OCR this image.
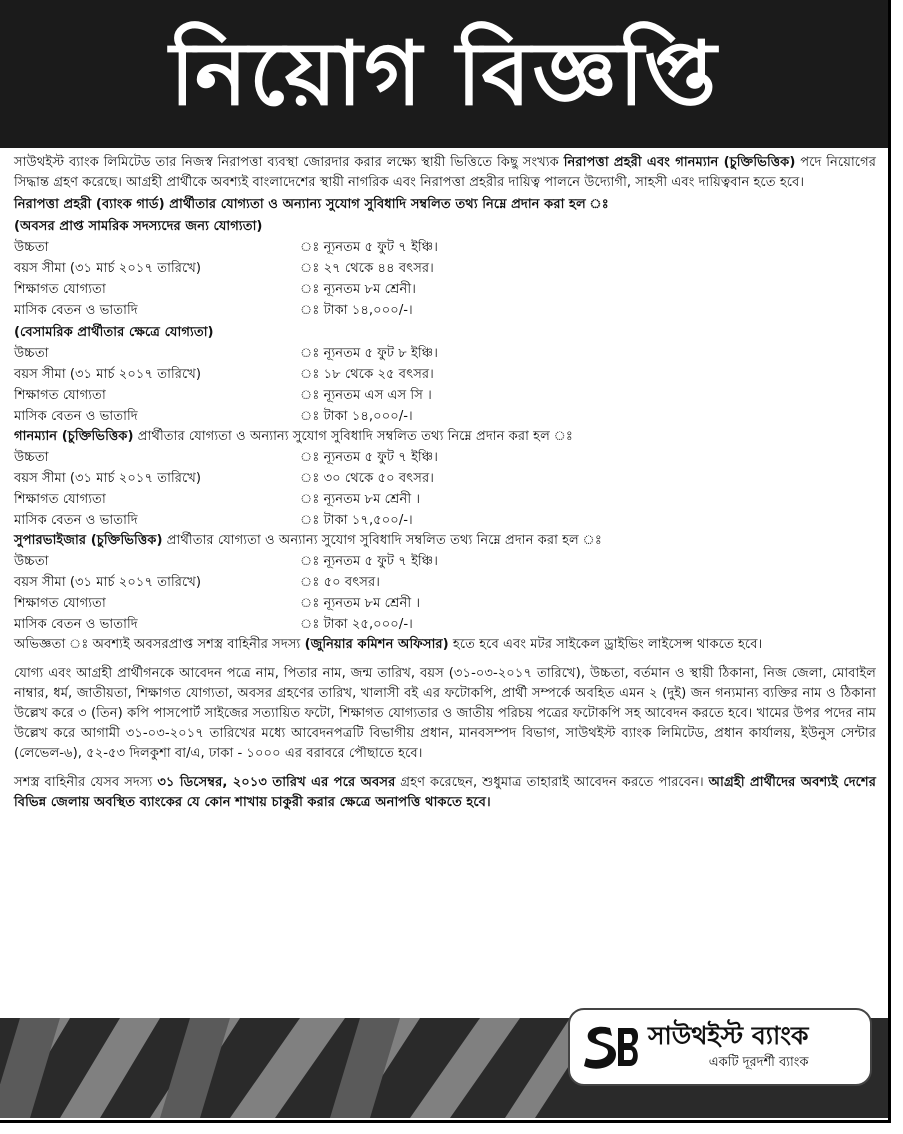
নিয়োগ বিজ্ঞপ্তি

সাউথইস্ট ব্যাংক লিমিটেড তার নিজস্ব নিরাপত্তা ব্যবস্থা জোরদার করার লক্ষ্যে স্থায়ী ভিত্তিতে কিছু সংখ্যক নিরাপত্তা প্রহরী এবং গানম্যান (চুক্তিভিত্তিক) পদে নিয়োগের সিদ্ধান্ত গ্রহণ করেছে। আগ্রহী প্রার্থীকে অবশ্যই বাংলাদেশের স্থায়ী নাগরিক এবং নিরাপত্তা প্রহরীর দায়িত্ব পালনে উদ্যোগী, সাহসী এবং দায়িত্ববান হতে হবে।

নিরাপত্তা প্রহরী (ব্যাংক গার্ড) প্রার্থীতার যোগ্যতা ও অন্যান্য সুযোগ সুবিধাদি সম্বলিত তথ্য নিম্নে প্রদান করা হল ঃ

(অবসর প্রাপ্ত সামরিক সদস্যদের জন্য যোগ্যতা)
উচ্চতা	ঃ ন্যূনতম ৫ ফুট ৭ ইঞ্চি।
বয়স সীমা (৩১ মার্চ ২০১৭ তারিখে)	ঃ ২৭ থেকে ৪৪ বৎসর।
শিক্ষাগত যোগ্যতা	ঃ ন্যূনতম ৮ম শ্রেনী।
মাসিক বেতন ও ভাতাদি	ঃ টাকা ১৪,০০০/-।
(বেসামরিক প্রার্থীতার ক্ষেত্রে যোগ্যতা)
উচ্চতা	ঃ ন্যূনতম ৫ ফুট ৮ ইঞ্চি।
বয়স সীমা (৩১ মার্চ ২০১৭ তারিখে)	ঃ ১৮ থেকে ২৫ বৎসর।
শিক্ষাগত যোগ্যতা	ঃ ন্যূনতম এস এস সি ।
মাসিক বেতন ও ভাতাদি	ঃ টাকা ১৪,০০০/-।
গানম্যান (চুক্তিভিত্তিক) প্রার্থীতার যোগ্যতা ও অন্যান্য সুযোগ সুবিধাদি সম্বলিত তথ্য নিম্নে প্রদান করা হল ঃ
উচ্চতা	ঃ ন্যূনতম ৫ ফুট ৭ ইঞ্চি।
বয়স সীমা (৩১ মার্চ ২০১৭ তারিখে)	ঃ ৩০ থেকে ৫০ বৎসর।
শিক্ষাগত যোগ্যতা	ঃ ন্যূনতম ৮ম শ্রেনী ।
মাসিক বেতন ও ভাতাদি	ঃ টাকা ১৭,৫০০/-।
সুপারভাইজার (চুক্তিভিত্তিক) প্রার্থীতার যোগ্যতা ও অন্যান্য সুযোগ সুবিধাদি সম্বলিত তথ্য নিম্নে প্রদান করা হল ঃ
উচ্চতা	ঃ ন্যূনতম ৫ ফুট ৭ ইঞ্চি।
বয়স সীমা (৩১ মার্চ ২০১৭ তারিখে)	ঃ ৫০ বৎসর।
শিক্ষাগত যোগ্যতা	ঃ ন্যূনতম ৮ম শ্রেনী ।
মাসিক বেতন ও ভাতাদি	ঃ টাকা ২৫,০০০/-।

অভিজ্ঞতা ঃ অবশ্যই অবসরপ্রাপ্ত সশস্ত্র বাহিনীর সদস্য (জুনিয়ার কমিশন অফিসার) হতে হবে এবং মটর সাইকেল ড্রাইভিং লাইসেন্স থাকতে হবে।

যোগ্য এবং আগ্রহী প্রার্থীগনকে আবেদন পত্রে নাম, পিতার নাম, জন্ম তারিখ, বয়স (৩১-০৩-২০১৭ তারিখে), উচ্চতা, বর্তমান ও স্থায়ী ঠিকানা, নিজ জেলা, মোবাইল নাম্বার, ধর্ম, জাতীয়তা, শিক্ষাগত যোগ্যতা, অবসর গ্রহণের তারিখ, খালাসী বই এর ফটোকপি, প্রার্থী সম্পর্কে অবহিত এমন ২ (দুই) জন গন্যমান্য ব্যক্তির নাম ও ঠিকানা উল্লেখ করে ৩ (তিন) কপি পাসপোর্ট সাইজের সত্যায়িত ফটো, শিক্ষাগত যোগ্যতার ও জাতীয় পরিচয় পত্রের ফটোকপি সহ আবেদন করতে হবে। খামের উপর পদের নাম উল্লেখ করে আগামী ৩১-০৩-২০১৭ তারিখের মধ্যে আবেদনপত্রটি বিভাগীয় প্রধান, মানবসম্পদ বিভাগ, সাউথইস্ট ব্যাংক লিমিটেড, প্রধান কার্যালয়, ইউনুস সেন্টার (লেভেল-৬), ৫২-৫৩ দিলকুশা বা/এ, ঢাকা - ১০০০ এর বরাবরে পৌছাতে হবে।

সশস্ত্র বাহিনীর যেসব সদস্য ৩১ ডিসেম্বর, ২০১৩ তারিখ এর পরে অবসর গ্রহণ করেছেন, শুধুমাত্র তাহারাই আবেদন করতে পারবেন। আগ্রহী প্রার্থীদের অবশ্যই দেশের বিভিন্ন জেলায় অবস্থিত ব্যাংকের যে কোন শাখায় চাকুরী করার ক্ষেত্রে অনাপত্তি থাকতে হবে।

সাউথইস্ট ব্যাংক
একটি দূরদর্শী ব্যাংক
